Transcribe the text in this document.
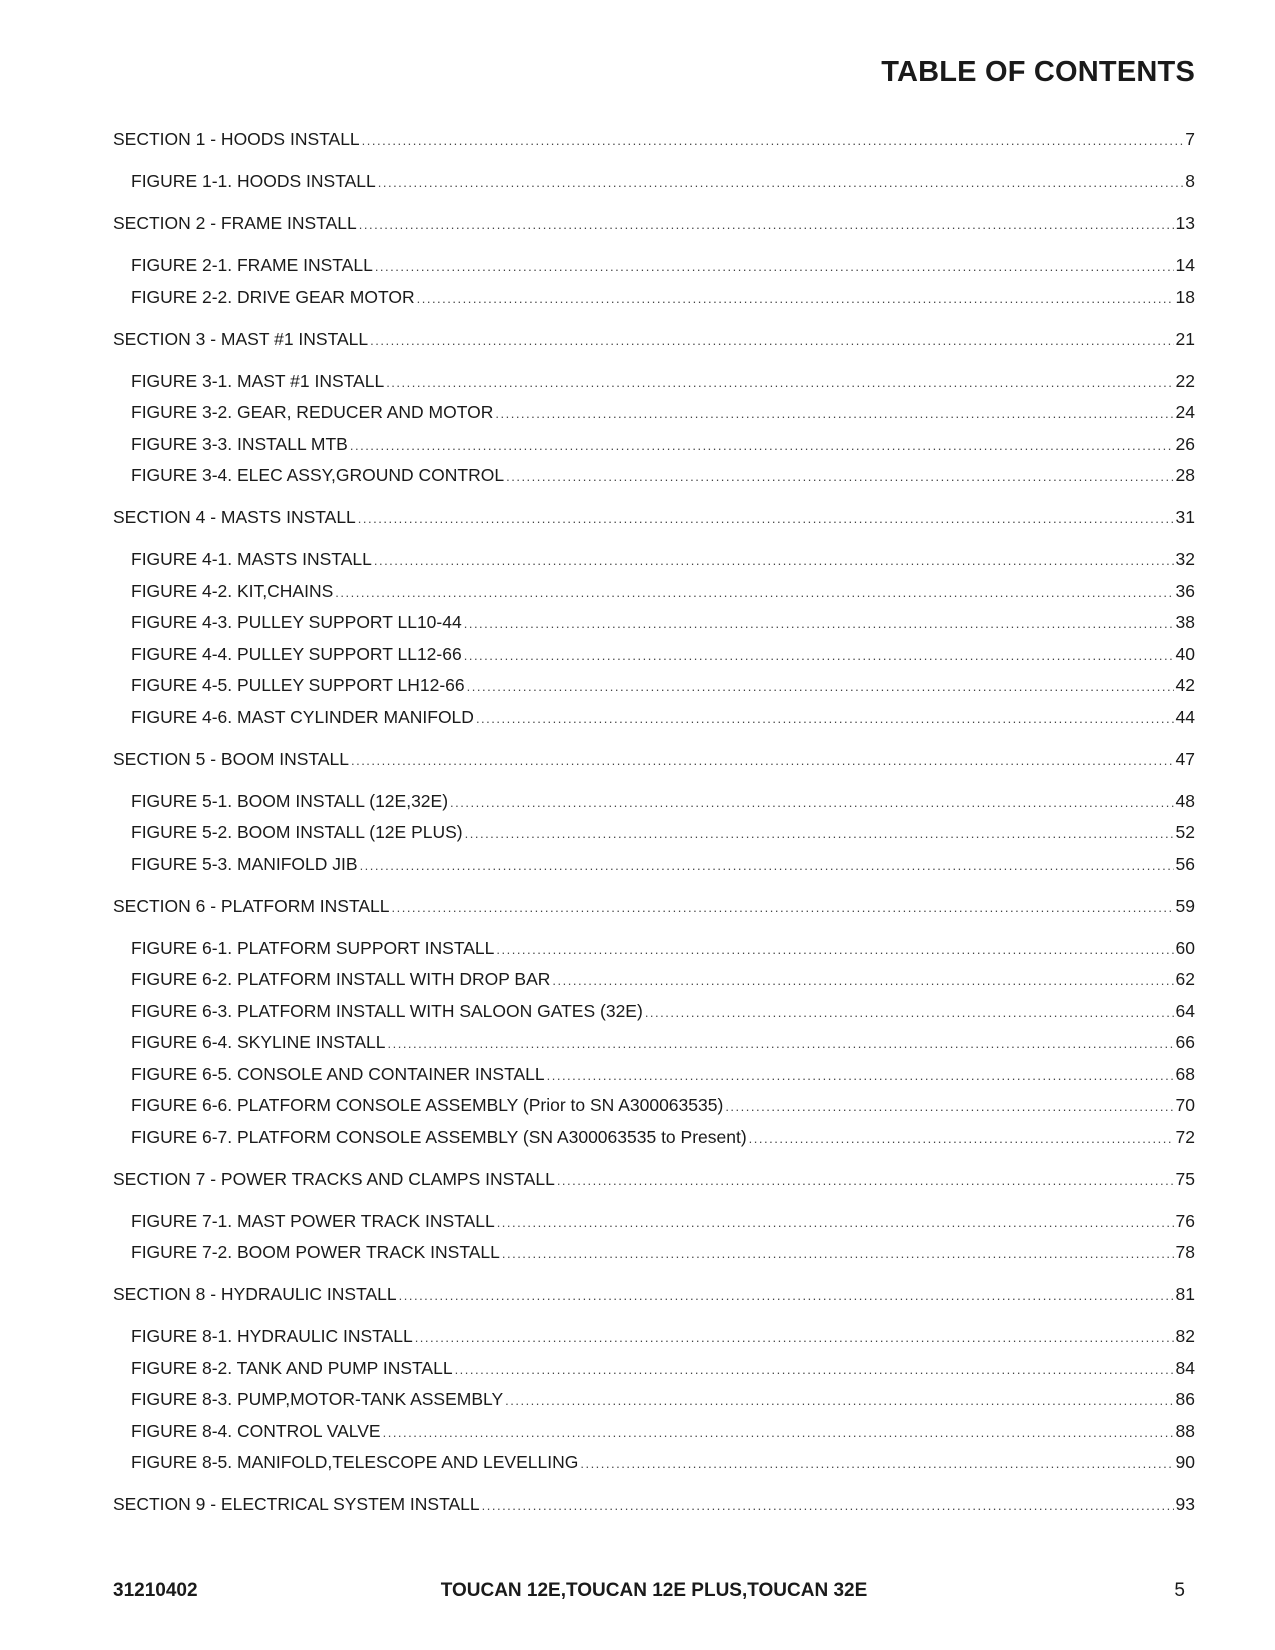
TABLE OF CONTENTS
SECTION 1 - HOODS INSTALL .....	7
FIGURE 1-1. HOODS INSTALL .....	8
SECTION 2 - FRAME INSTALL .....	13
FIGURE 2-1. FRAME INSTALL .....	14
FIGURE 2-2. DRIVE GEAR MOTOR .....	18
SECTION 3 - MAST #1 INSTALL .....	21
FIGURE 3-1. MAST #1 INSTALL .....	22
FIGURE 3-2. GEAR, REDUCER AND MOTOR .....	24
FIGURE 3-3. INSTALL MTB .....	26
FIGURE 3-4. ELEC ASSY,GROUND CONTROL .....	28
SECTION 4 - MASTS INSTALL .....	31
FIGURE 4-1. MASTS INSTALL .....	32
FIGURE 4-2. KIT,CHAINS .....	36
FIGURE 4-3. PULLEY SUPPORT LL10-44 .....	38
FIGURE 4-4. PULLEY SUPPORT LL12-66 .....	40
FIGURE 4-5. PULLEY SUPPORT LH12-66 .....	42
FIGURE 4-6. MAST CYLINDER MANIFOLD .....	44
SECTION 5 - BOOM INSTALL .....	47
FIGURE 5-1. BOOM INSTALL (12E,32E) .....	48
FIGURE 5-2. BOOM INSTALL (12E PLUS) .....	52
FIGURE 5-3. MANIFOLD JIB .....	56
SECTION 6 - PLATFORM INSTALL .....	59
FIGURE 6-1. PLATFORM SUPPORT INSTALL .....	60
FIGURE 6-2. PLATFORM INSTALL WITH DROP BAR .....	62
FIGURE 6-3. PLATFORM INSTALL WITH SALOON GATES (32E) .....	64
FIGURE 6-4. SKYLINE INSTALL .....	66
FIGURE 6-5. CONSOLE AND CONTAINER INSTALL .....	68
FIGURE 6-6. PLATFORM CONSOLE ASSEMBLY (Prior to SN A300063535) .....	70
FIGURE 6-7. PLATFORM CONSOLE ASSEMBLY (SN A300063535 to Present) .....	72
SECTION 7 - POWER TRACKS AND CLAMPS INSTALL .....	75
FIGURE 7-1. MAST POWER TRACK INSTALL .....	76
FIGURE 7-2. BOOM POWER TRACK INSTALL .....	78
SECTION 8 - HYDRAULIC INSTALL .....	81
FIGURE 8-1. HYDRAULIC INSTALL .....	82
FIGURE 8-2. TANK AND PUMP INSTALL .....	84
FIGURE 8-3. PUMP,MOTOR-TANK ASSEMBLY .....	86
FIGURE 8-4. CONTROL VALVE .....	88
FIGURE 8-5. MANIFOLD,TELESCOPE AND LEVELLING .....	90
SECTION 9 - ELECTRICAL SYSTEM INSTALL .....	93
31210402	TOUCAN 12E,TOUCAN 12E PLUS,TOUCAN 32E	5
